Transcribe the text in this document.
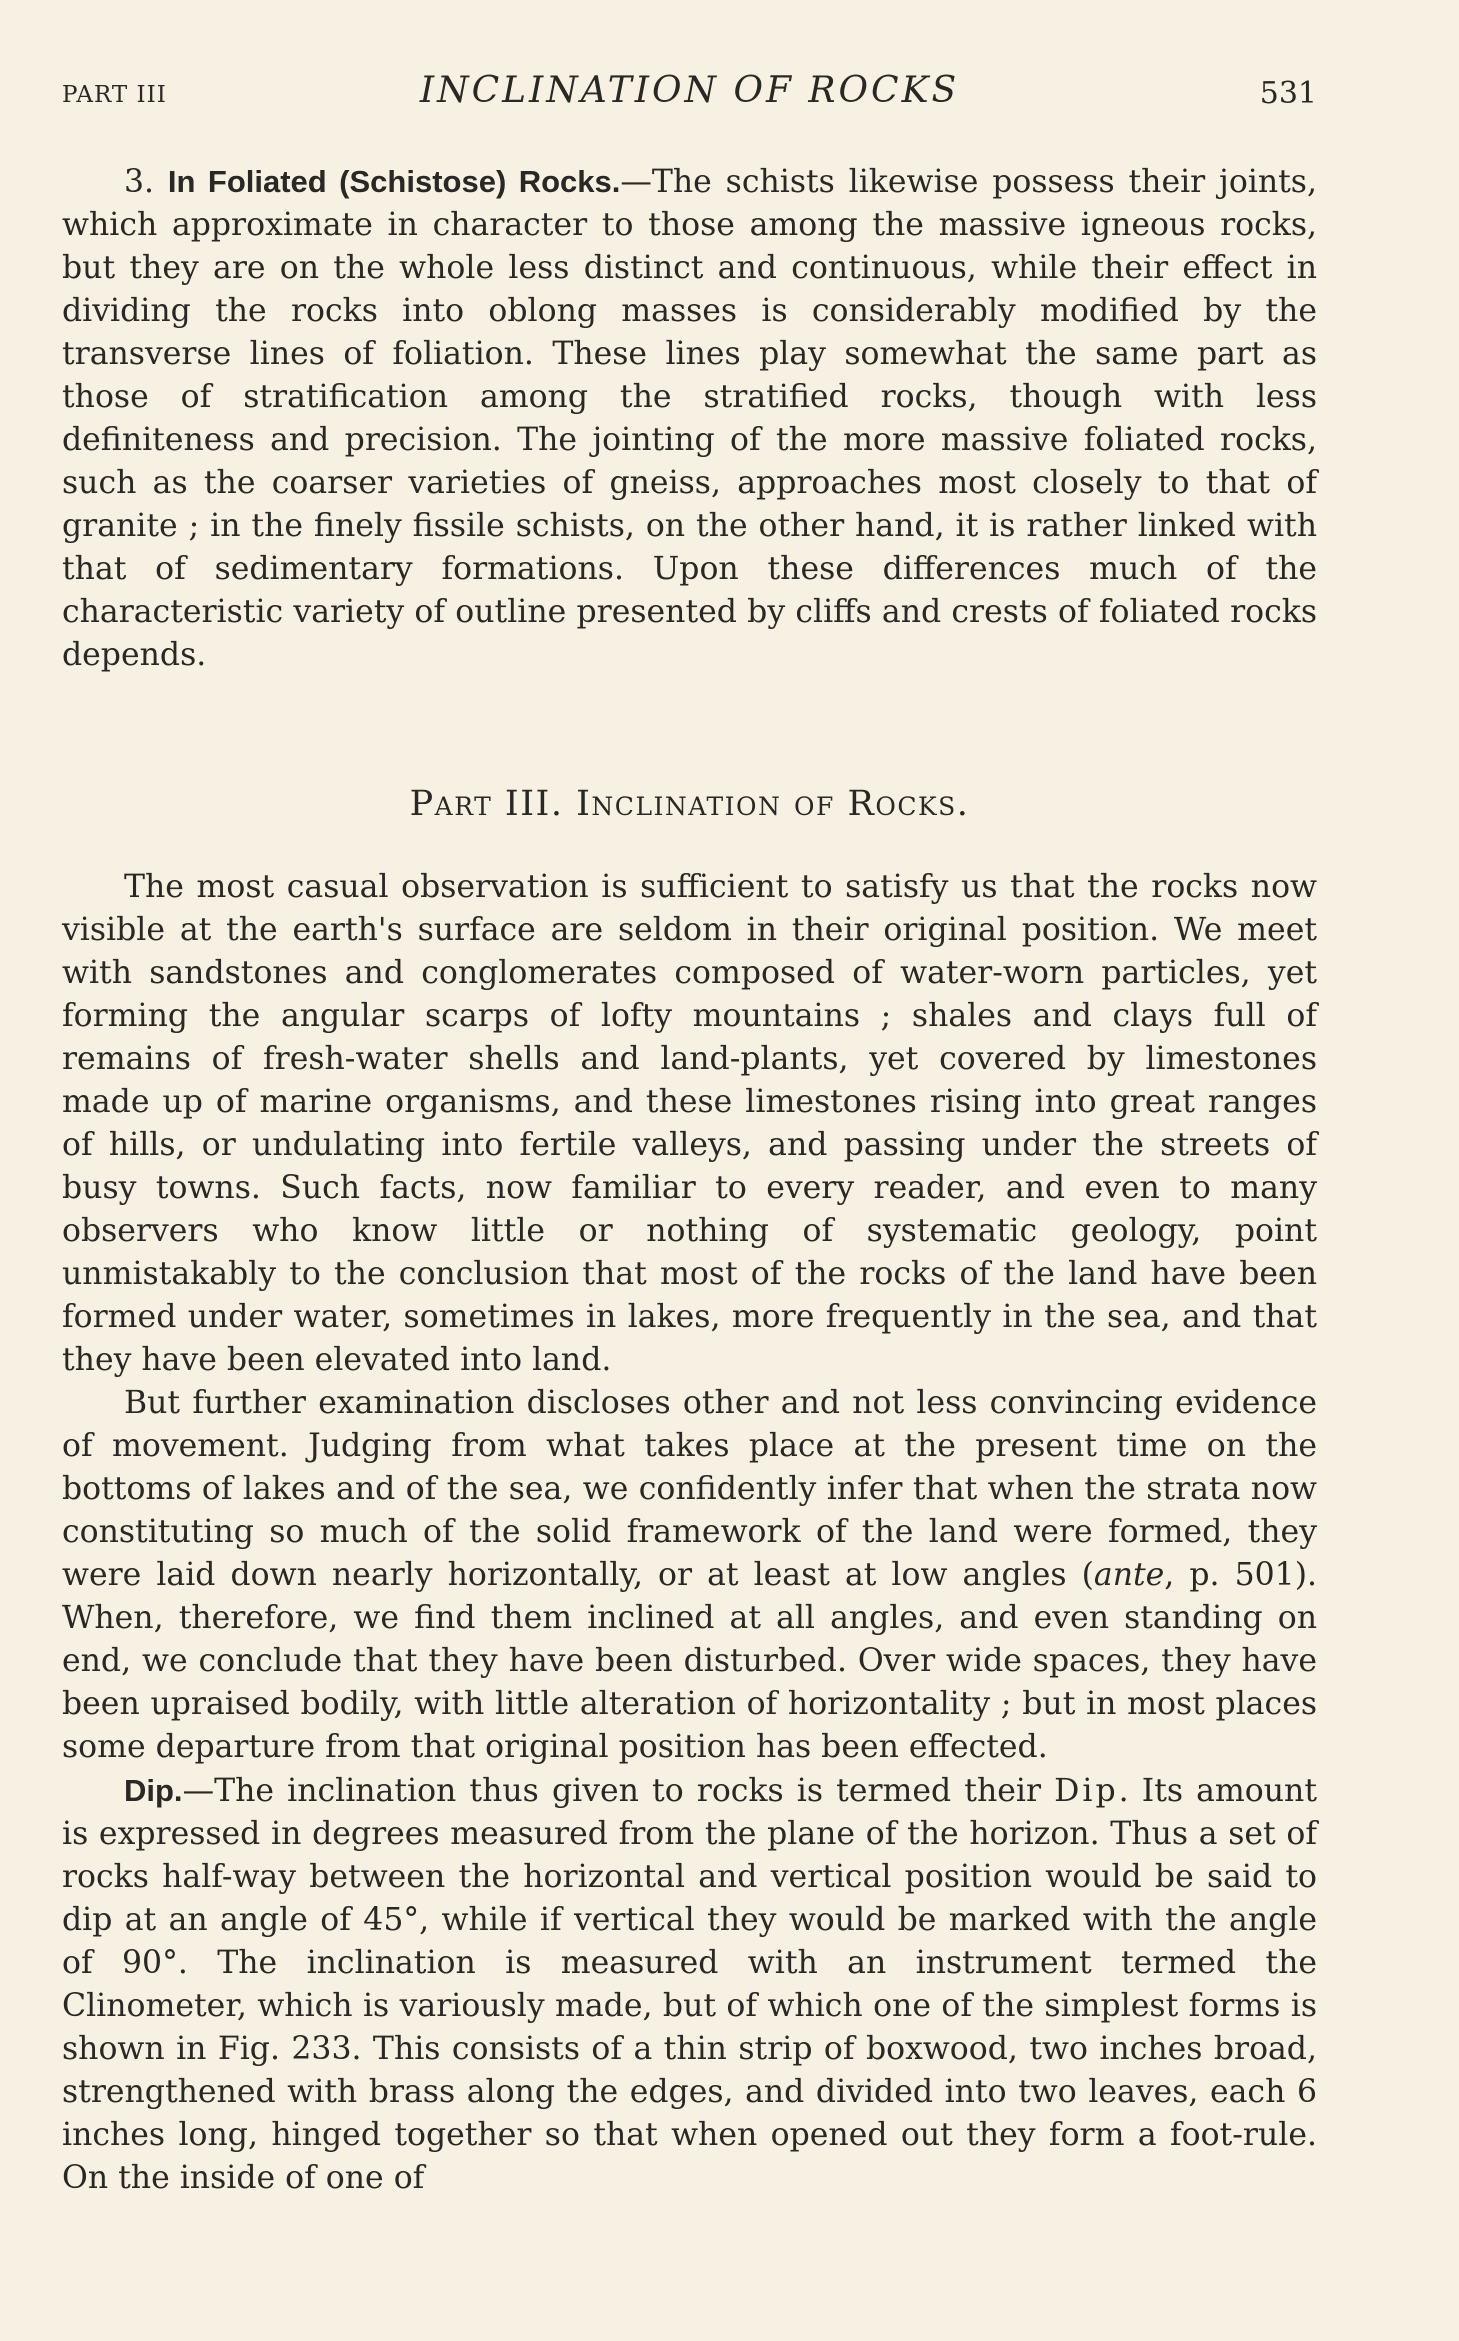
PART III	INCLINATION OF ROCKS	531

3. In Foliated (Schistose) Rocks.—The schists likewise possess their joints, which approximate in character to those among the massive igneous rocks, but they are on the whole less distinct and continuous, while their effect in dividing the rocks into oblong masses is considerably modified by the transverse lines of foliation. These lines play somewhat the same part as those of stratification among the stratified rocks, though with less definiteness and precision. The jointing of the more massive foliated rocks, such as the coarser varieties of gneiss, approaches most closely to that of granite ; in the finely fissile schists, on the other hand, it is rather linked with that of sedimentary formations. Upon these differences much of the characteristic variety of outline presented by cliffs and crests of foliated rocks depends.

Part III. Inclination of Rocks.

The most casual observation is sufficient to satisfy us that the rocks now visible at the earth's surface are seldom in their original position. We meet with sandstones and conglomerates composed of water-worn particles, yet forming the angular scarps of lofty mountains ; shales and clays full of remains of fresh-water shells and land-plants, yet covered by limestones made up of marine organisms, and these limestones rising into great ranges of hills, or undulating into fertile valleys, and passing under the streets of busy towns. Such facts, now familiar to every reader, and even to many observers who know little or nothing of systematic geology, point unmistakably to the conclusion that most of the rocks of the land have been formed under water, sometimes in lakes, more frequently in the sea, and that they have been elevated into land.

But further examination discloses other and not less convincing evidence of movement. Judging from what takes place at the present time on the bottoms of lakes and of the sea, we confidently infer that when the strata now constituting so much of the solid framework of the land were formed, they were laid down nearly horizontally, or at least at low angles (ante, p. 501). When, therefore, we find them inclined at all angles, and even standing on end, we conclude that they have been disturbed. Over wide spaces, they have been upraised bodily, with little alteration of horizontality ; but in most places some departure from that original position has been effected.

Dip.—The inclination thus given to rocks is termed their Dip. Its amount is expressed in degrees measured from the plane of the horizon. Thus a set of rocks half-way between the horizontal and vertical position would be said to dip at an angle of 45°, while if vertical they would be marked with the angle of 90°. The inclination is measured with an instrument termed the Clinometer, which is variously made, but of which one of the simplest forms is shown in Fig. 233. This consists of a thin strip of boxwood, two inches broad, strengthened with brass along the edges, and divided into two leaves, each 6 inches long, hinged together so that when opened out they form a foot-rule. On the inside of one of
